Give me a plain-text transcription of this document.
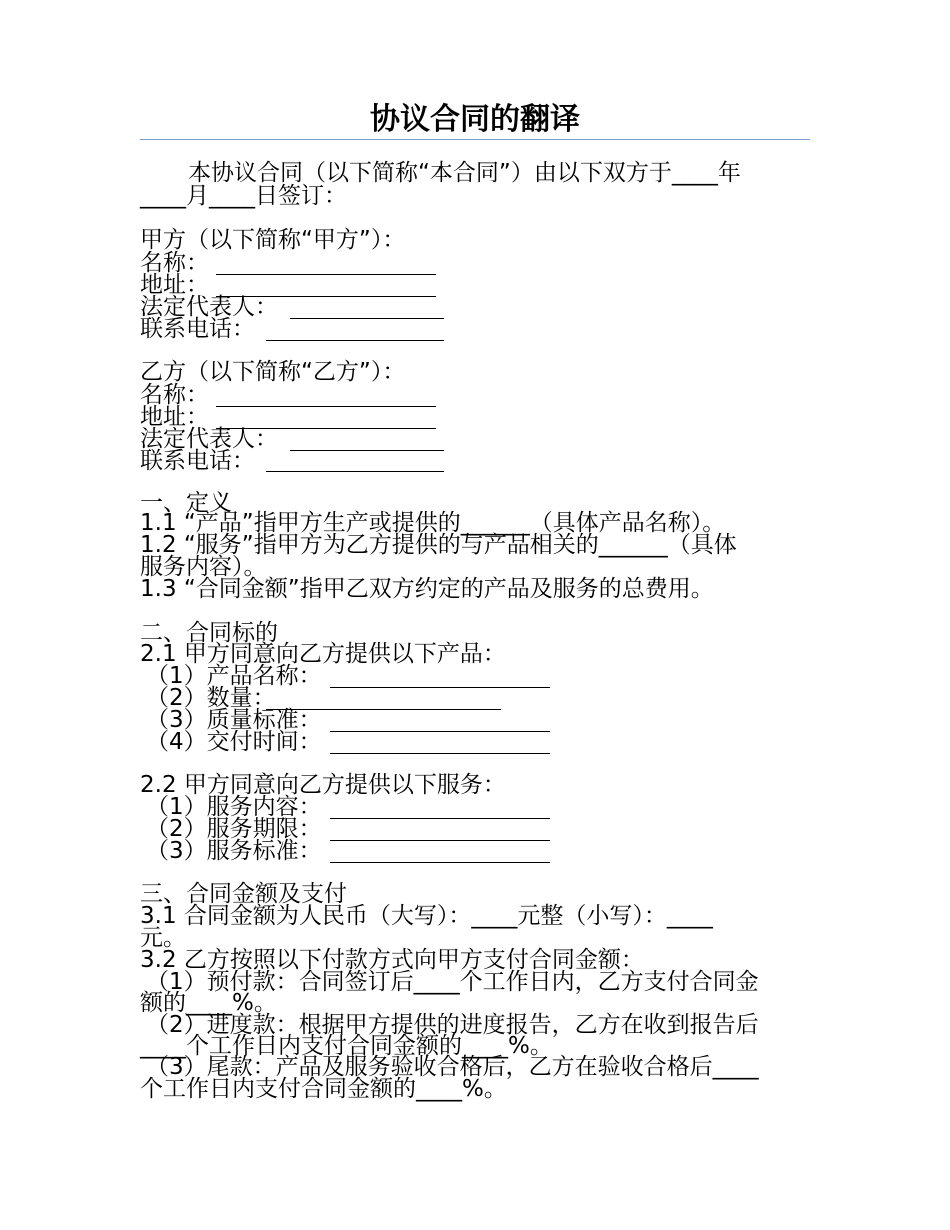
协议合同的翻译
本协议合同（以下简称“本合同”）由以下双方于____年
____月____日签订：
甲方（以下简称“甲方”）：
名称：
地址：
法定代表人：
联系电话：
乙方（以下简称“乙方”）：
名称：
地址：
法定代表人：
联系电话：
一、定义
1.1 “产品”指甲方生产或提供的______（具体产品名称）。
1.2 “服务”指甲方为乙方提供的与产品相关的______（具体
服务内容）。
1.3 “合同金额”指甲乙双方约定的产品及服务的总费用。
二、合同标的
2.1 甲方同意向乙方提供以下产品：
（1）产品名称：
（2）数量：
（3）质量标准：
（4）交付时间：
2.2 甲方同意向乙方提供以下服务：
（1）服务内容：
（2）服务期限：
（3）服务标准：
三、合同金额及支付
3.1 合同金额为人民币（大写）：____元整（小写）：____
元。
3.2 乙方按照以下付款方式向甲方支付合同金额：
（1）预付款：合同签订后____个工作日内，乙方支付合同金
额的____%。
（2）进度款：根据甲方提供的进度报告，乙方在收到报告后
____个工作日内支付合同金额的____%。
（3）尾款：产品及服务验收合格后，乙方在验收合格后____
个工作日内支付合同金额的____%。
